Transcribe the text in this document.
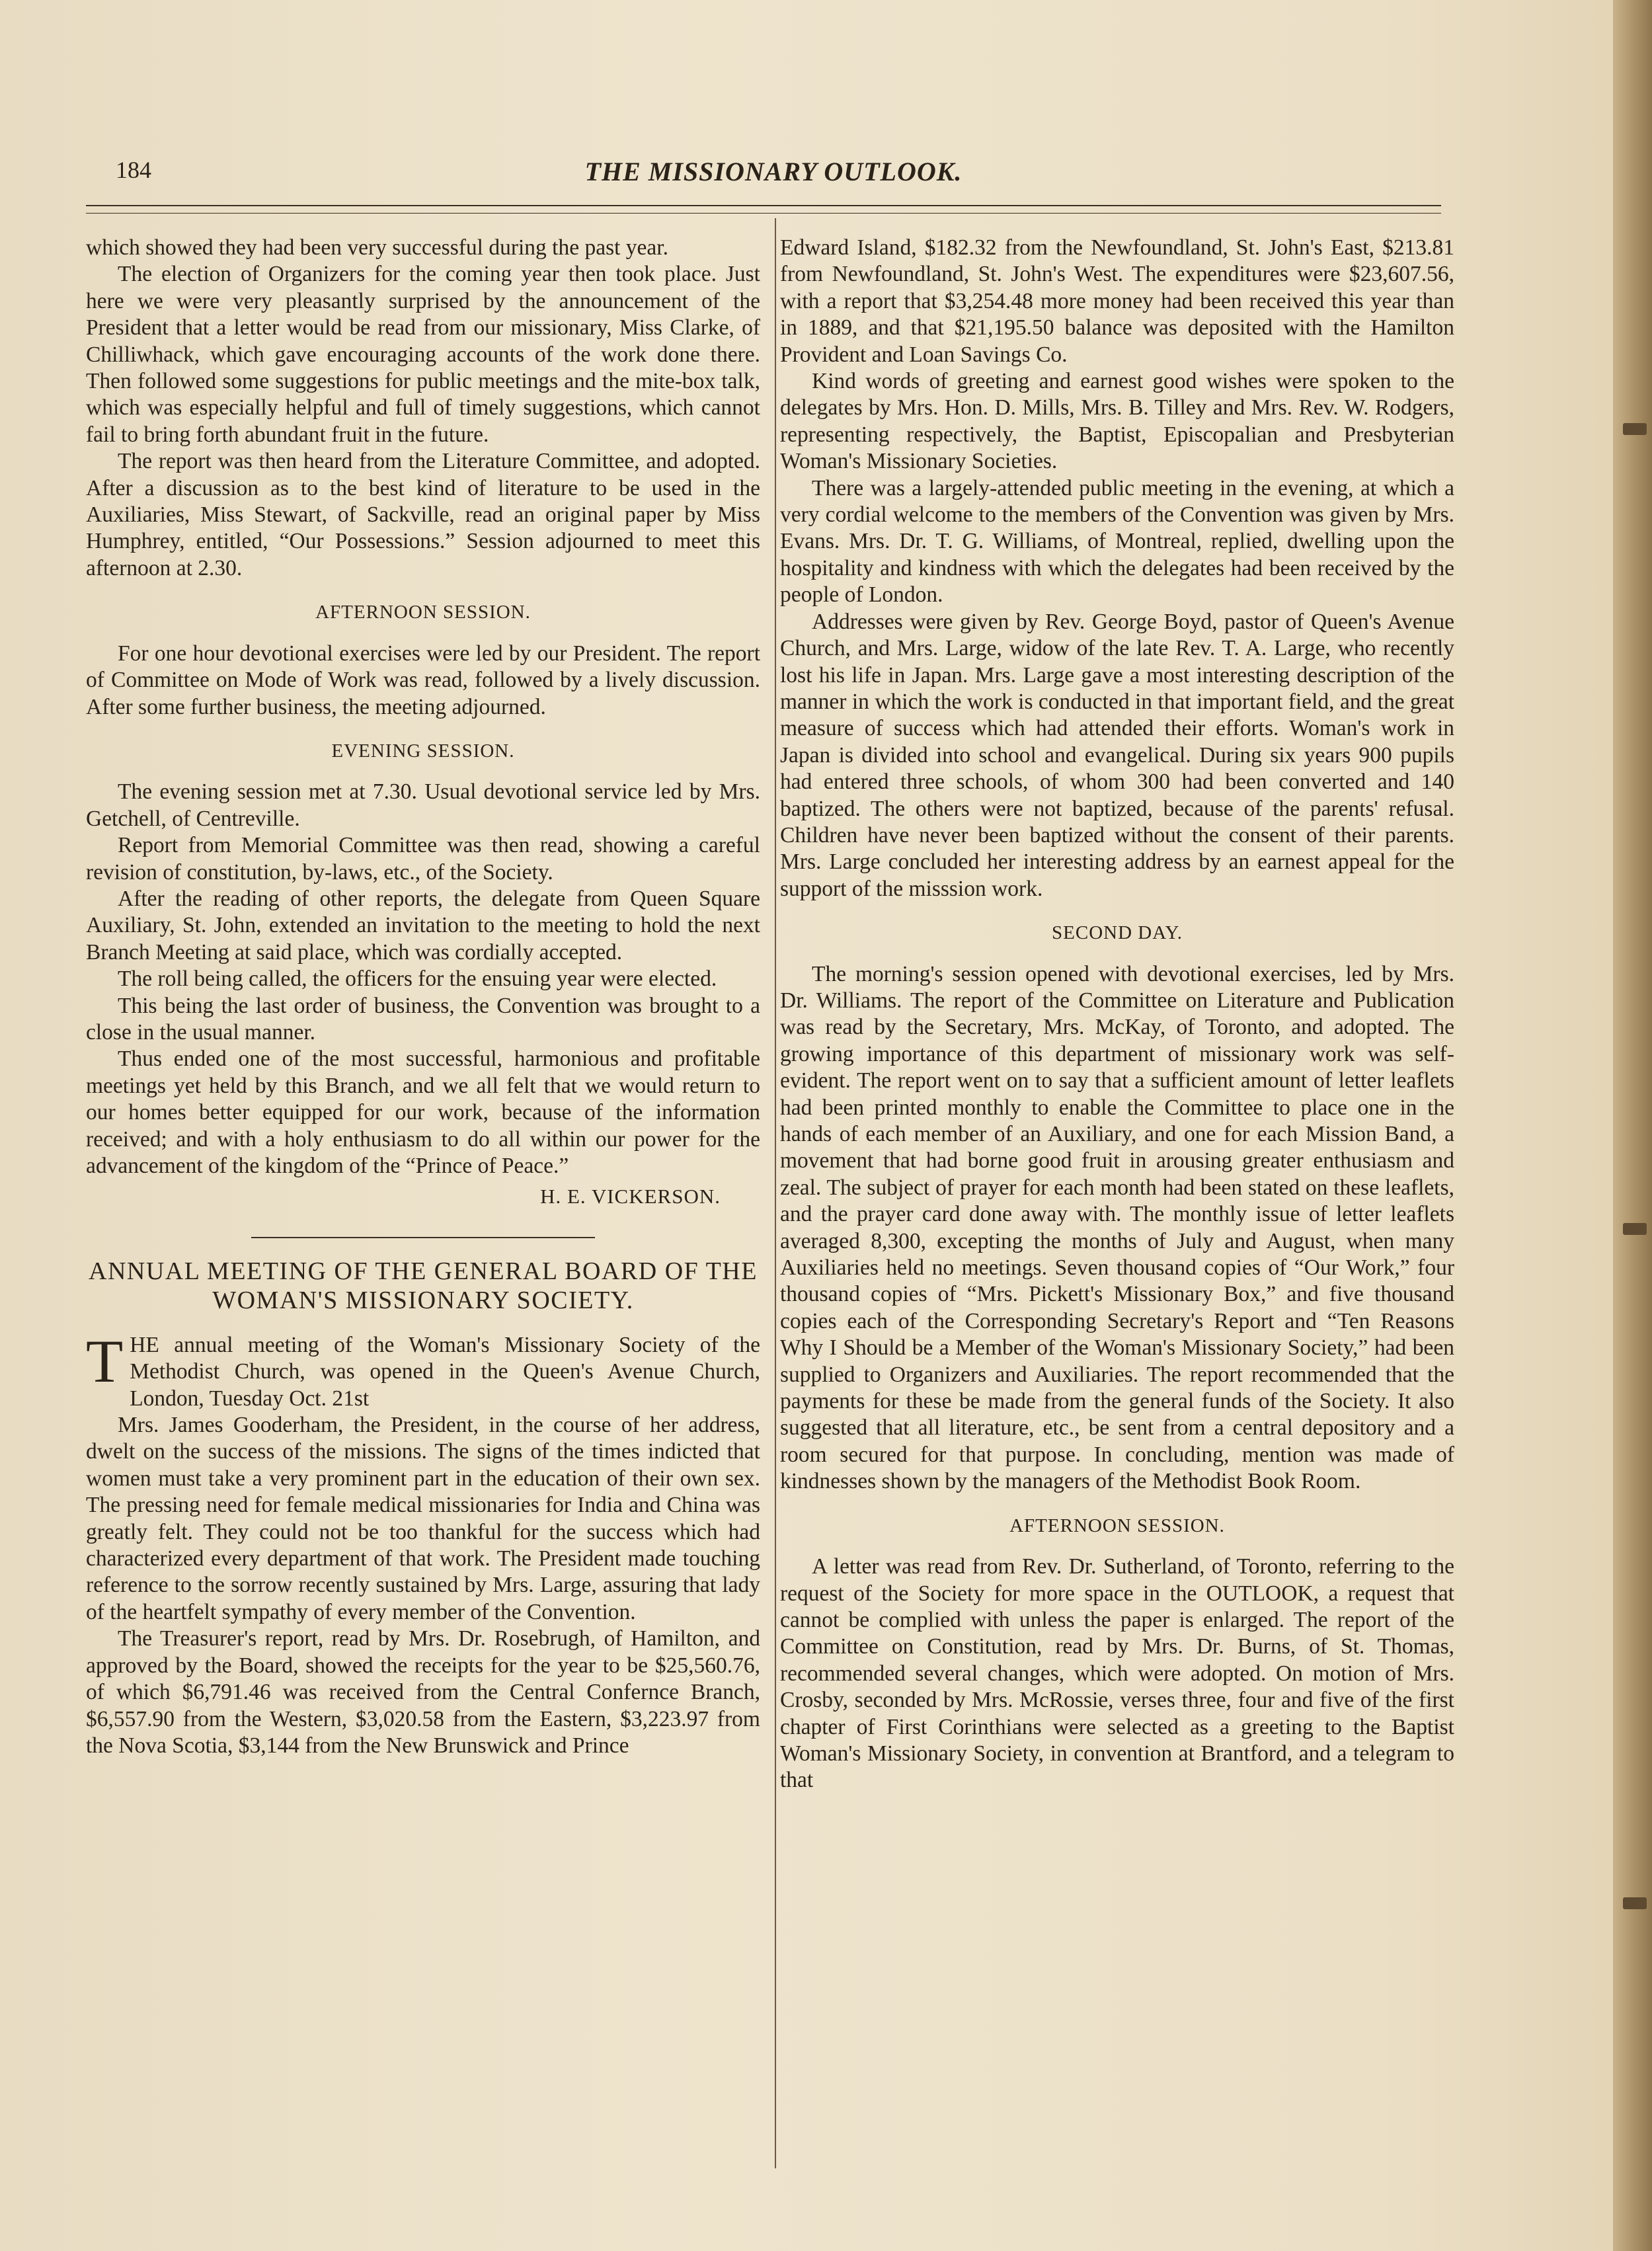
184	THE MISSIONARY OUTLOOK.

which showed they had been very successful during the past year.

The election of Organizers for the coming year then took place. Just here we were very pleasantly surprised by the announcement of the President that a letter would be read from our missionary, Miss Clarke, of Chilliwhack, which gave encouraging accounts of the work done there. Then followed some suggestions for public meetings and the mite-box talk, which was especially helpful and full of timely suggestions, which cannot fail to bring forth abundant fruit in the future.

The report was then heard from the Literature Committee, and adopted. After a discussion as to the best kind of literature to be used in the Auxiliaries, Miss Stewart, of Sackville, read an original paper by Miss Humphrey, entitled, “Our Possessions.” Session adjourned to meet this afternoon at 2.30.

AFTERNOON SESSION.

For one hour devotional exercises were led by our President. The report of Committee on Mode of Work was read, followed by a lively discussion. After some further business, the meeting adjourned.

EVENING SESSION.

The evening session met at 7.30. Usual devotional service led by Mrs. Getchell, of Centreville.

Report from Memorial Committee was then read, showing a careful revision of constitution, by-laws, etc., of the Society.

After the reading of other reports, the delegate from Queen Square Auxiliary, St. John, extended an invitation to the meeting to hold the next Branch Meeting at said place, which was cordially accepted.

The roll being called, the officers for the ensuing year were elected.

This being the last order of business, the Convention was brought to a close in the usual manner.

Thus ended one of the most successful, harmonious and profitable meetings yet held by this Branch, and we all felt that we would return to our homes better equipped for our work, because of the information received; and with a holy enthusiasm to do all within our power for the advancement of the kingdom of the “Prince of Peace.”

H. E. VICKERSON.
ANNUAL MEETING OF THE GENERAL BOARD OF THE WOMAN'S MISSIONARY SOCIETY.

THE annual meeting of the Woman's Missionary Society of the Methodist Church, was opened in the Queen's Avenue Church, London, Tuesday Oct. 21st

Mrs. James Gooderham, the President, in the course of her address, dwelt on the success of the missions. The signs of the times indicted that women must take a very prominent part in the education of their own sex. The pressing need for female medical missionaries for India and China was greatly felt. They could not be too thankful for the success which had characterized every department of that work. The President made touching reference to the sorrow recently sustained by Mrs. Large, assuring that lady of the heartfelt sympathy of every member of the Convention.

The Treasurer's report, read by Mrs. Dr. Rosebrugh, of Hamilton, and approved by the Board, showed the receipts for the year to be $25,560.76, of which $6,791.46 was received from the Central Confernce Branch, $6,557.90 from the Western, $3,020.58 from the Eastern, $3,223.97 from the Nova Scotia, $3,144 from the New Brunswick and Prince

Edward Island, $182.32 from the Newfoundland, St. John's East, $213.81 from Newfoundland, St. John's West. The expenditures were $23,607.56, with a report that $3,254.48 more money had been received this year than in 1889, and that $21,195.50 balance was deposited with the Hamilton Provident and Loan Savings Co.

Kind words of greeting and earnest good wishes were spoken to the delegates by Mrs. Hon. D. Mills, Mrs. B. Tilley and Mrs. Rev. W. Rodgers, representing respectively, the Baptist, Episcopalian and Presbyterian Woman's Missionary Societies.

There was a largely-attended public meeting in the evening, at which a very cordial welcome to the members of the Convention was given by Mrs. Evans. Mrs. Dr. T. G. Williams, of Montreal, replied, dwelling upon the hospitality and kindness with which the delegates had been received by the people of London.

Addresses were given by Rev. George Boyd, pastor of Queen's Avenue Church, and Mrs. Large, widow of the late Rev. T. A. Large, who recently lost his life in Japan. Mrs. Large gave a most interesting description of the manner in which the work is conducted in that important field, and the great measure of success which had attended their efforts. Woman's work in Japan is divided into school and evangelical. During six years 900 pupils had entered three schools, of whom 300 had been converted and 140 baptized. The others were not baptized, because of the parents' refusal. Children have never been baptized without the consent of their parents. Mrs. Large concluded her interesting address by an earnest appeal for the support of the misssion work.

SECOND DAY.

The morning's session opened with devotional exercises, led by Mrs. Dr. Williams. The report of the Committee on Literature and Publication was read by the Secretary, Mrs. McKay, of Toronto, and adopted. The growing importance of this department of missionary work was self-evident. The report went on to say that a sufficient amount of letter leaflets had been printed monthly to enable the Committee to place one in the hands of each member of an Auxiliary, and one for each Mission Band, a movement that had borne good fruit in arousing greater enthusiasm and zeal. The subject of prayer for each month had been stated on these leaflets, and the prayer card done away with. The monthly issue of letter leaflets averaged 8,300, excepting the months of July and August, when many Auxiliaries held no meetings. Seven thousand copies of “Our Work,” four thousand copies of “Mrs. Pickett's Missionary Box,” and five thousand copies each of the Corresponding Secretary's Report and “Ten Reasons Why I Should be a Member of the Woman's Missionary Society,” had been supplied to Organizers and Auxiliaries. The report recommended that the payments for these be made from the general funds of the Society. It also suggested that all literature, etc., be sent from a central depository and a room secured for that purpose. In concluding, mention was made of kindnesses shown by the managers of the Methodist Book Room.

AFTERNOON SESSION.

A letter was read from Rev. Dr. Sutherland, of Toronto, referring to the request of the Society for more space in the OUTLOOK, a request that cannot be complied with unless the paper is enlarged. The report of the Committee on Constitution, read by Mrs. Dr. Burns, of St. Thomas, recommended several changes, which were adopted. On motion of Mrs. Crosby, seconded by Mrs. McRossie, verses three, four and five of the first chapter of First Corinthians were selected as a greeting to the Baptist Woman's Missionary Society, in convention at Brantford, and a telegram to that
